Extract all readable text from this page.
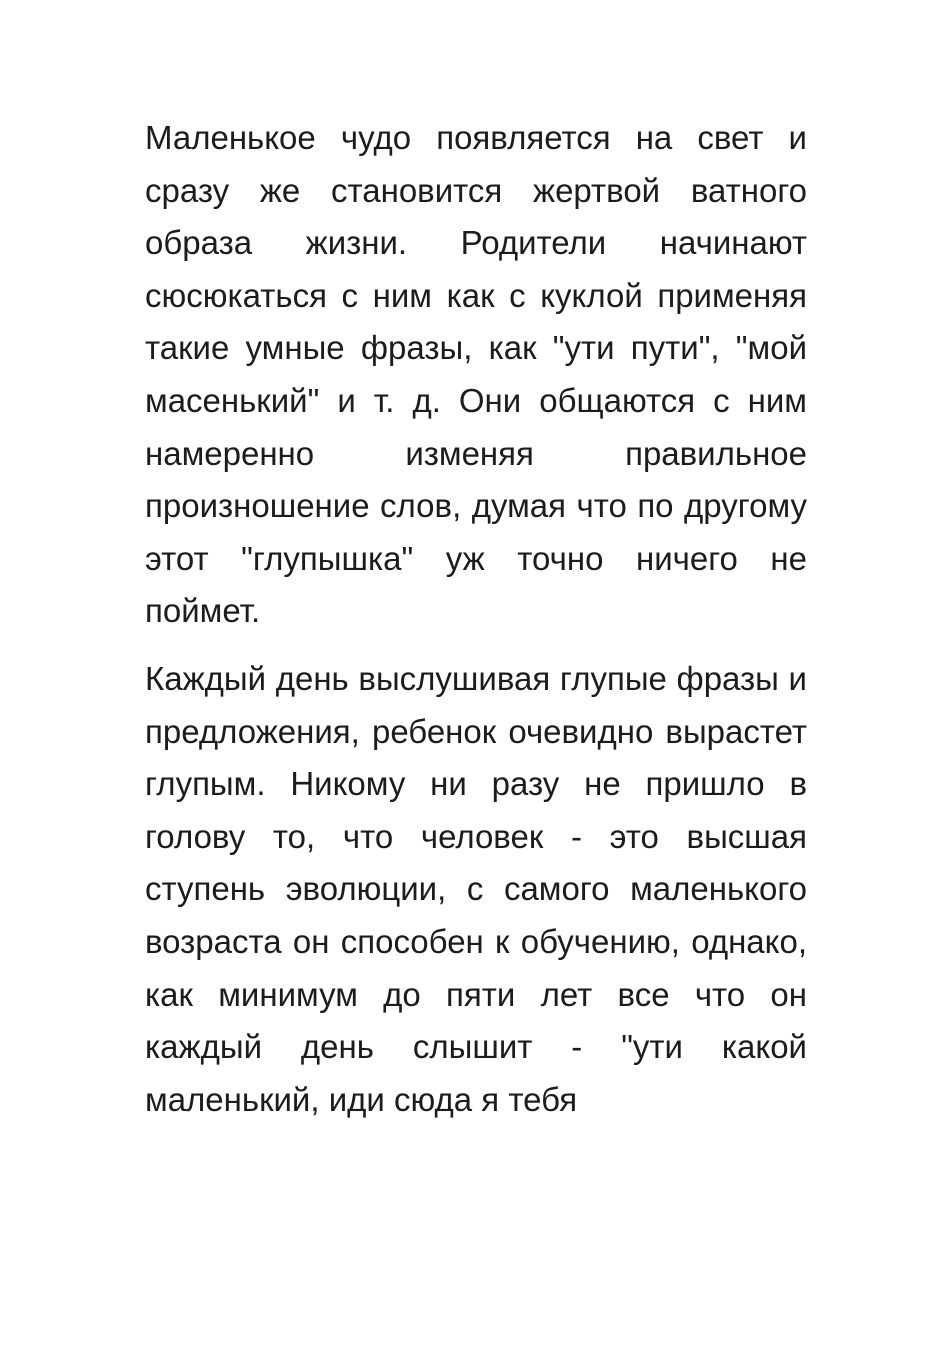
Маленькое чудо появляется на свет и сразу же становится жертвой ватного образа жизни. Родители начинают сюсюкаться с ним как с куклой применяя такие умные фразы, как "ути пути", "мой масенький" и т. д. Они общаются с ним намеренно изменяя правильное произношение слов, думая что по другому этот "глупышка" уж точно ничего не поймет.

Каждый день выслушивая глупые фразы и предложения, ребенок очевидно вырастет глупым. Никому ни разу не пришло в голову то, что человек - это высшая ступень эволюции, с самого маленького возраста он способен к обучению, однако, как минимум до пяти лет все что он каждый день слышит - "ути какой маленький, иди сюда я тебя
